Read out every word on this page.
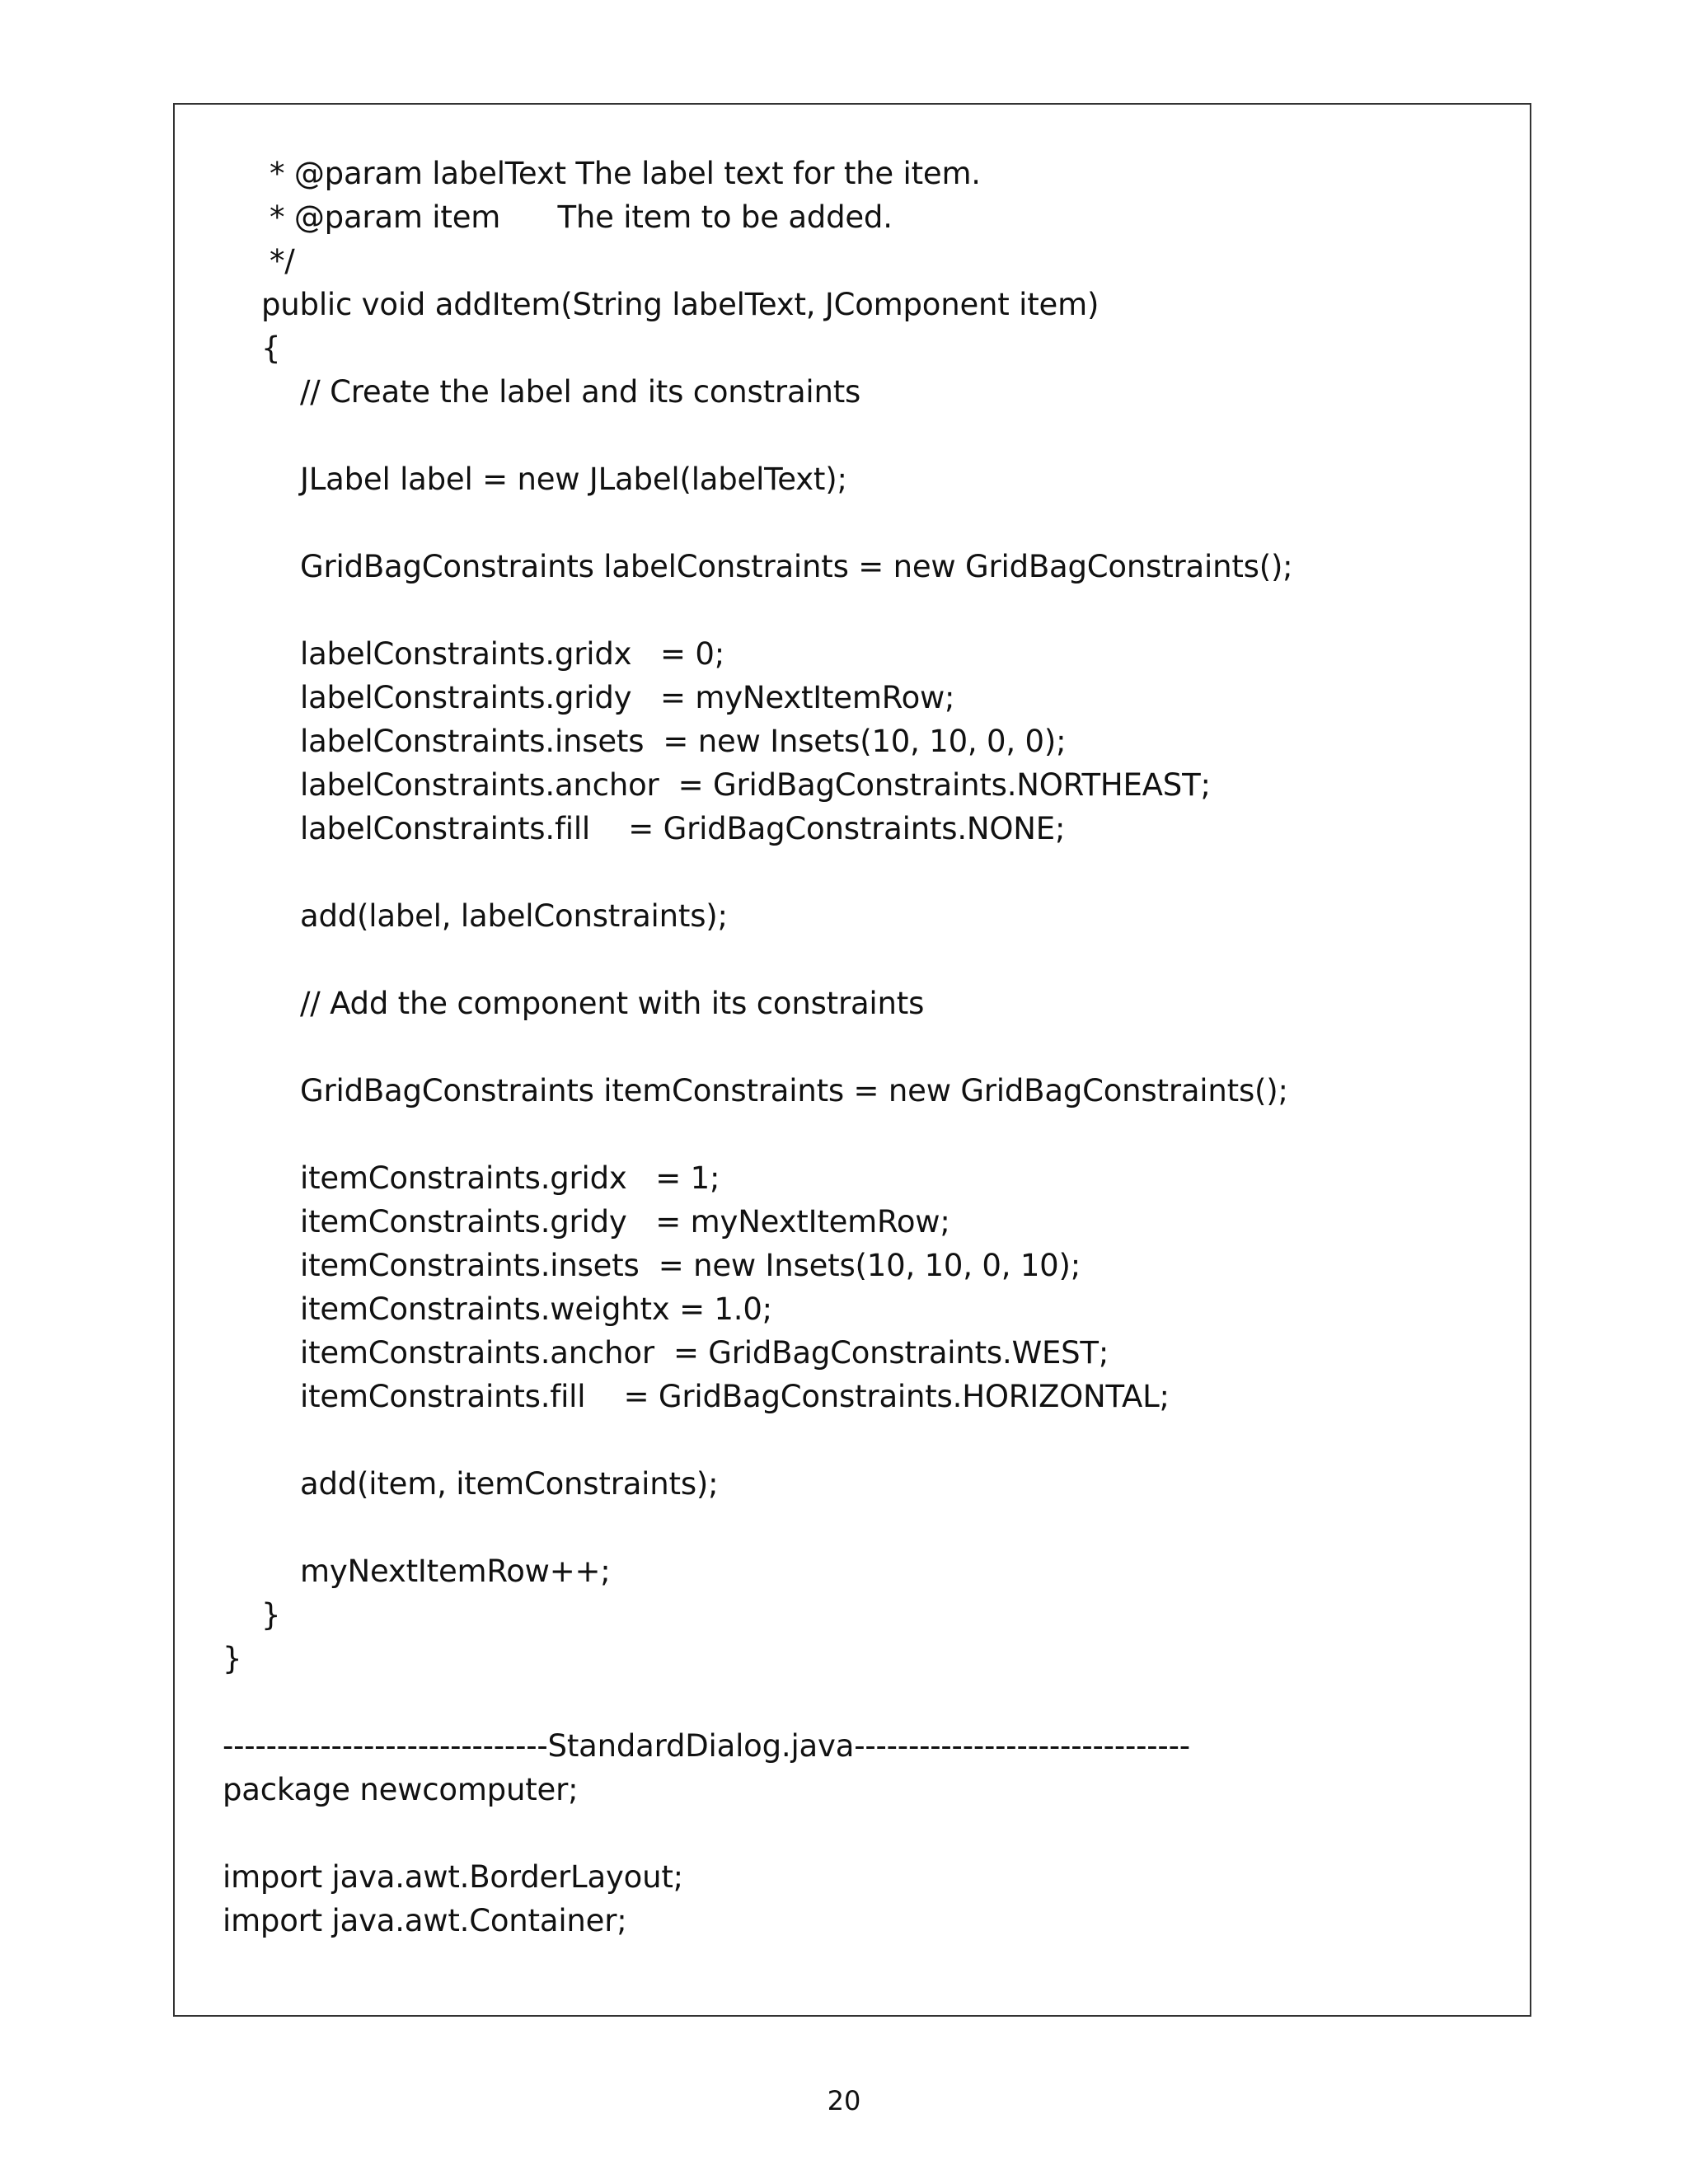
* @param labelText The label text for the item.
* @param item      The item to be added.
*/
public void addItem(String labelText, JComponent item)
{
// Create the label and its constraints
JLabel label = new JLabel(labelText);
GridBagConstraints labelConstraints = new GridBagConstraints();
labelConstraints.gridx   = 0;
labelConstraints.gridy   = myNextItemRow;
labelConstraints.insets  = new Insets(10, 10, 0, 0);
labelConstraints.anchor  = GridBagConstraints.NORTHEAST;
labelConstraints.fill    = GridBagConstraints.NONE;
add(label, labelConstraints);
// Add the component with its constraints
GridBagConstraints itemConstraints = new GridBagConstraints();
itemConstraints.gridx   = 1;
itemConstraints.gridy   = myNextItemRow;
itemConstraints.insets  = new Insets(10, 10, 0, 10);
itemConstraints.weightx = 1.0;
itemConstraints.anchor  = GridBagConstraints.WEST;
itemConstraints.fill    = GridBagConstraints.HORIZONTAL;
add(item, itemConstraints);
myNextItemRow++;
}
}
------------------------------StandardDialog.java-------------------------------
package newcomputer;
import java.awt.BorderLayout;
import java.awt.Container;
20
